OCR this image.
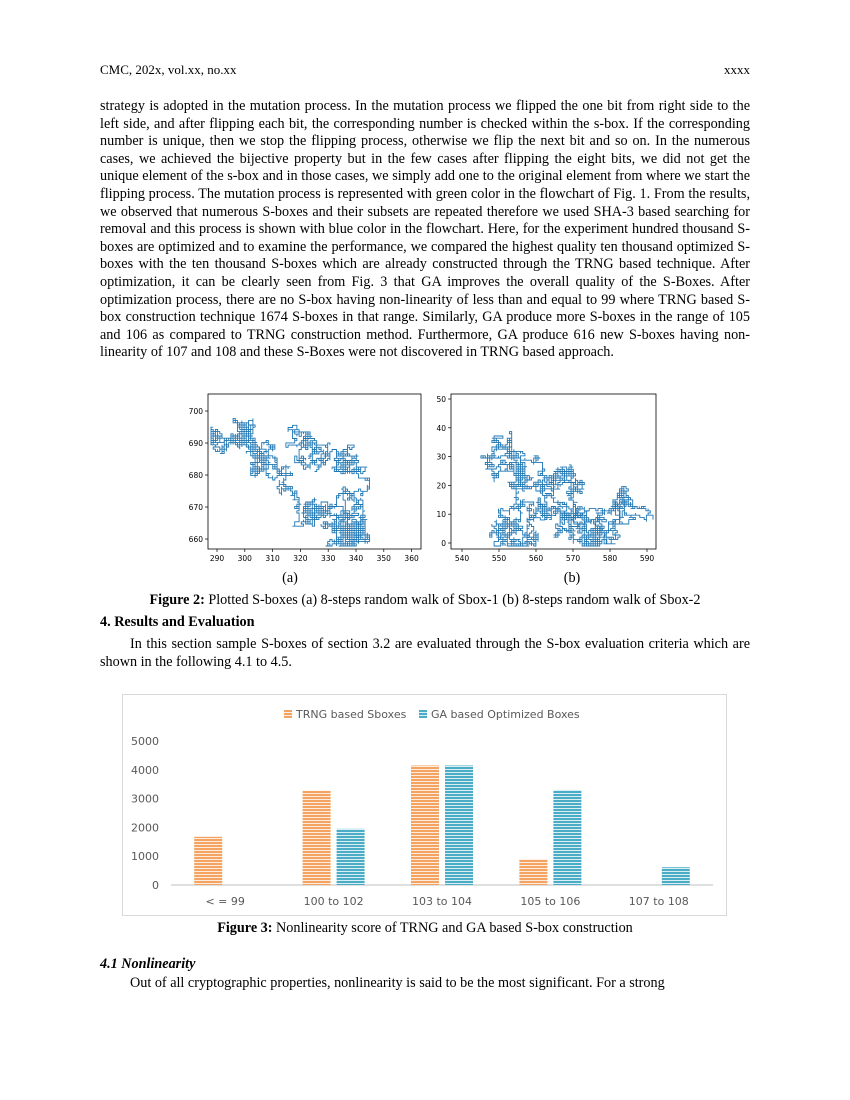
CMC, 202x, vol.xx, no.xx	xxxx

strategy is adopted in the mutation process. In the mutation process we flipped the one bit from right side to the left side, and after flipping each bit, the corresponding number is checked within the s-box. If the corresponding number is unique, then we stop the flipping process, otherwise we flip the next bit and so on. In the numerous cases, we achieved the bijective property but in the few cases after flipping the eight bits, we did not get the unique element of the s-box and in those cases, we simply add one to the original element from where we start the flipping process. The mutation process is represented with green color in the flowchart of Fig. 1. From the results, we observed that numerous S-boxes and their subsets are repeated therefore we used SHA-3 based searching for removal and this process is shown with blue color in the flowchart. Here, for the experiment hundred thousand S-boxes are optimized and to examine the performance, we compared the highest quality ten thousand optimized S-boxes with the ten thousand S-boxes which are already constructed through the TRNG based technique. After optimization, it can be clearly seen from Fig. 3 that GA improves the overall quality of the S-Boxes. After optimization process, there are no S-box having non-linearity of less than and equal to 99 where TRNG based S-box construction technique 1674 S-boxes in that range. Similarly, GA produce more S-boxes in the range of 105 and 106 as compared to TRNG construction method. Furthermore, GA produce 616 new S-boxes having non-linearity of 107 and 108 and these S-Boxes were not discovered in TRNG based approach.

290 300 310 320 330 340 350 360
660
670
680
690
700
540	550	560	570	580	590
0
10
20
30
40
50
(a)	(b)
Figure 2: Plotted S-boxes (a) 8-steps random walk of Sbox-1 (b) 8-steps random walk of Sbox-2
4. Results and Evaluation

In this section sample S-boxes of section 3.2 are evaluated through the S-box evaluation criteria which are shown in the following 4.1 to 4.5.

TRNG based Sboxes GA based Optimized Boxes
0
1000
2000
3000
4000
5000
< = 99	100 to 102	103 to 104	105 to 106	107 to 108
Figure 3: Nonlinearity score of TRNG and GA based S-box construction
4.1 Nonlinearity

Out of all cryptographic properties, nonlinearity is said to be the most significant. For a strong
